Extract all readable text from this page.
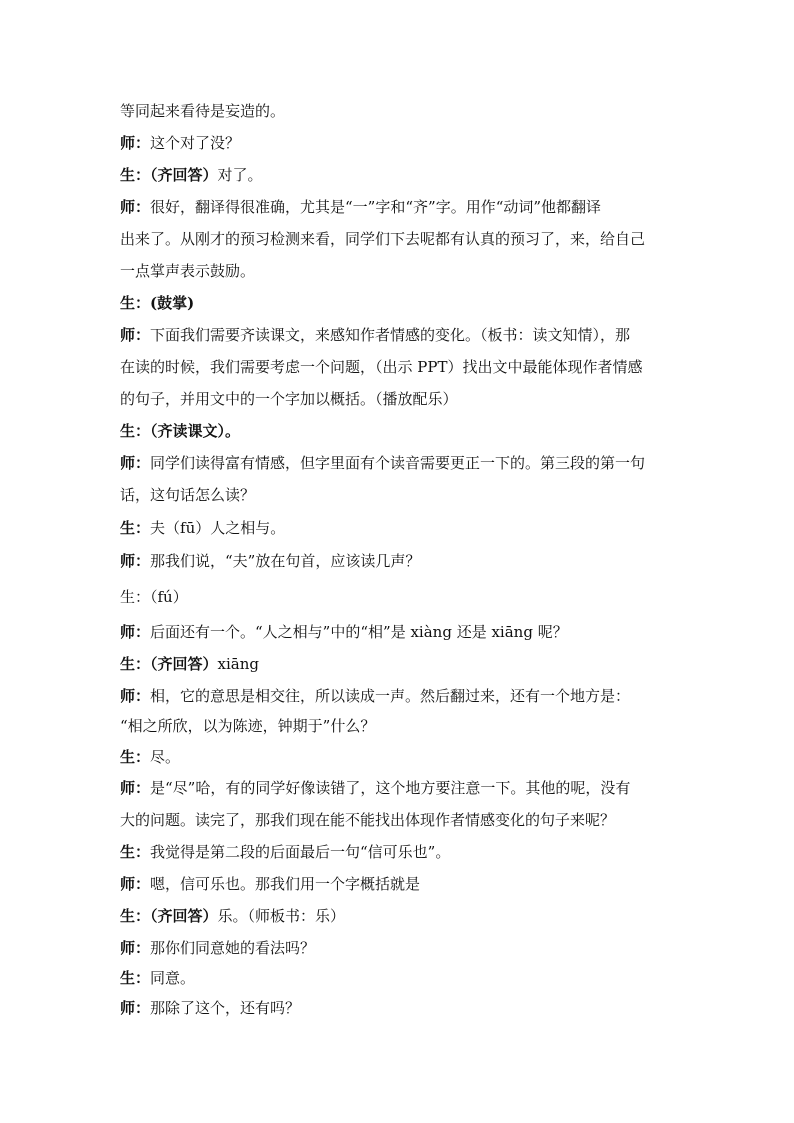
等同起来看待是妄造的。
师：这个对了没？
生：（齐回答）对了。
师：很好，翻译得很准确，尤其是“一”字和“齐”字。用作“动词”他都翻译
出来了。从刚才的预习检测来看，同学们下去呢都有认真的预习了，来，给自己
一点掌声表示鼓励。
生：(鼓掌)
师：下面我们需要齐读课文，来感知作者情感的变化。（板书：读文知情），那
在读的时候，我们需要考虑一个问题，（出示 PPT）找出文中最能体现作者情感
的句子，并用文中的一个字加以概括。（播放配乐）
生：（齐读课文）。
师：同学们读得富有情感，但字里面有个读音需要更正一下的。第三段的第一句
话，这句话怎么读？
生：夫（fū）人之相与。
师：那我们说，“夫”放在句首，应该读几声？
生：（fú）
师：后面还有一个。“人之相与”中的“相”是 xiàng 还是 xiāng 呢？
生：（齐回答）xiāng
师：相，它的意思是相交往，所以读成一声。然后翻过来，还有一个地方是：
“相之所欣，以为陈迹，钟期于”什么？
生：尽。
师：是“尽”哈，有的同学好像读错了，这个地方要注意一下。其他的呢，没有
大的问题。读完了，那我们现在能不能找出体现作者情感变化的句子来呢？
生：我觉得是第二段的后面最后一句“信可乐也”。
师：嗯，信可乐也。那我们用一个字概括就是
生：（齐回答）乐。（师板书：乐）
师：那你们同意她的看法吗？
生：同意。
师：那除了这个，还有吗？
